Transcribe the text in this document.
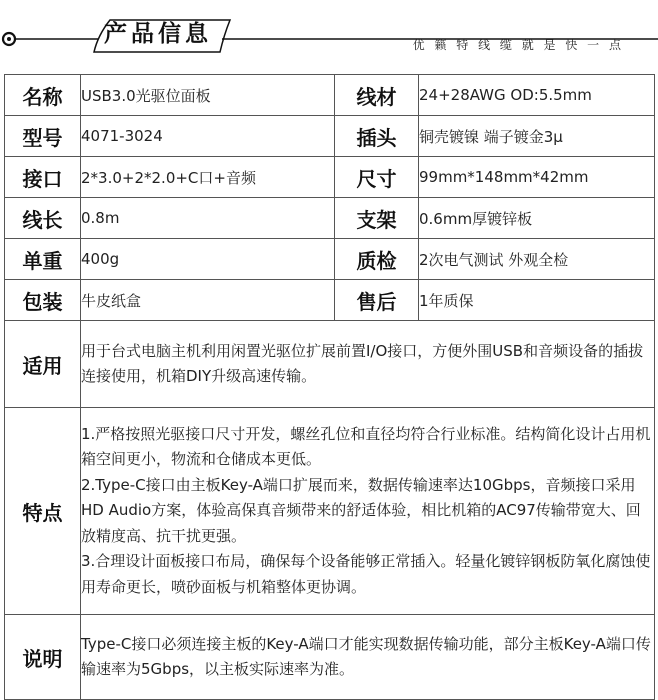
产品信息	优 籁 特 线 缆 就 是 快 一 点
名称	USB3.0光驱位面板	线材	24+28AWG OD:5.5mm
型号	4071-3024	插头	铜壳镀镍 端子镀金3μ
接口	2*3.0+2*2.0+C口+音频	尺寸	99mm*148mm*42mm
线长	0.8m	支架	0.6mm厚镀锌板
单重	400g	质检	2次电气测试 外观全检
包装	牛皮纸盒	售后	1年质保
适用	用于台式电脑主机利用闲置光驱位扩展前置I/O接口，方便外围USB和音频设备的插拔连接使用，机箱DIY升级高速传输。		

特点	1.严格按照光驱接口尺寸开发，螺丝孔位和直径均符合行业标准。结构简化设计占用机箱空间更小，物流和仓储成本更低。

2.Type-C接口由主板Key-A端口扩展而来，数据传输速率达10Gbps，音频接口采用HD Audio方案，体验高保真音频带来的舒适体验，相比机箱的AC97传输带宽大、回放精度高、抗干扰更强。

3.合理设计面板接口布局，确保每个设备能够正常插入。轻量化镀锌钢板防氧化腐蚀使用寿命更长，喷砂面板与机箱整体更协调。		

说明	Type-C接口必须连接主板的Key-A端口才能实现数据传输功能，部分主板Key-A端口传输速率为5Gbps，以主板实际速率为准。		
